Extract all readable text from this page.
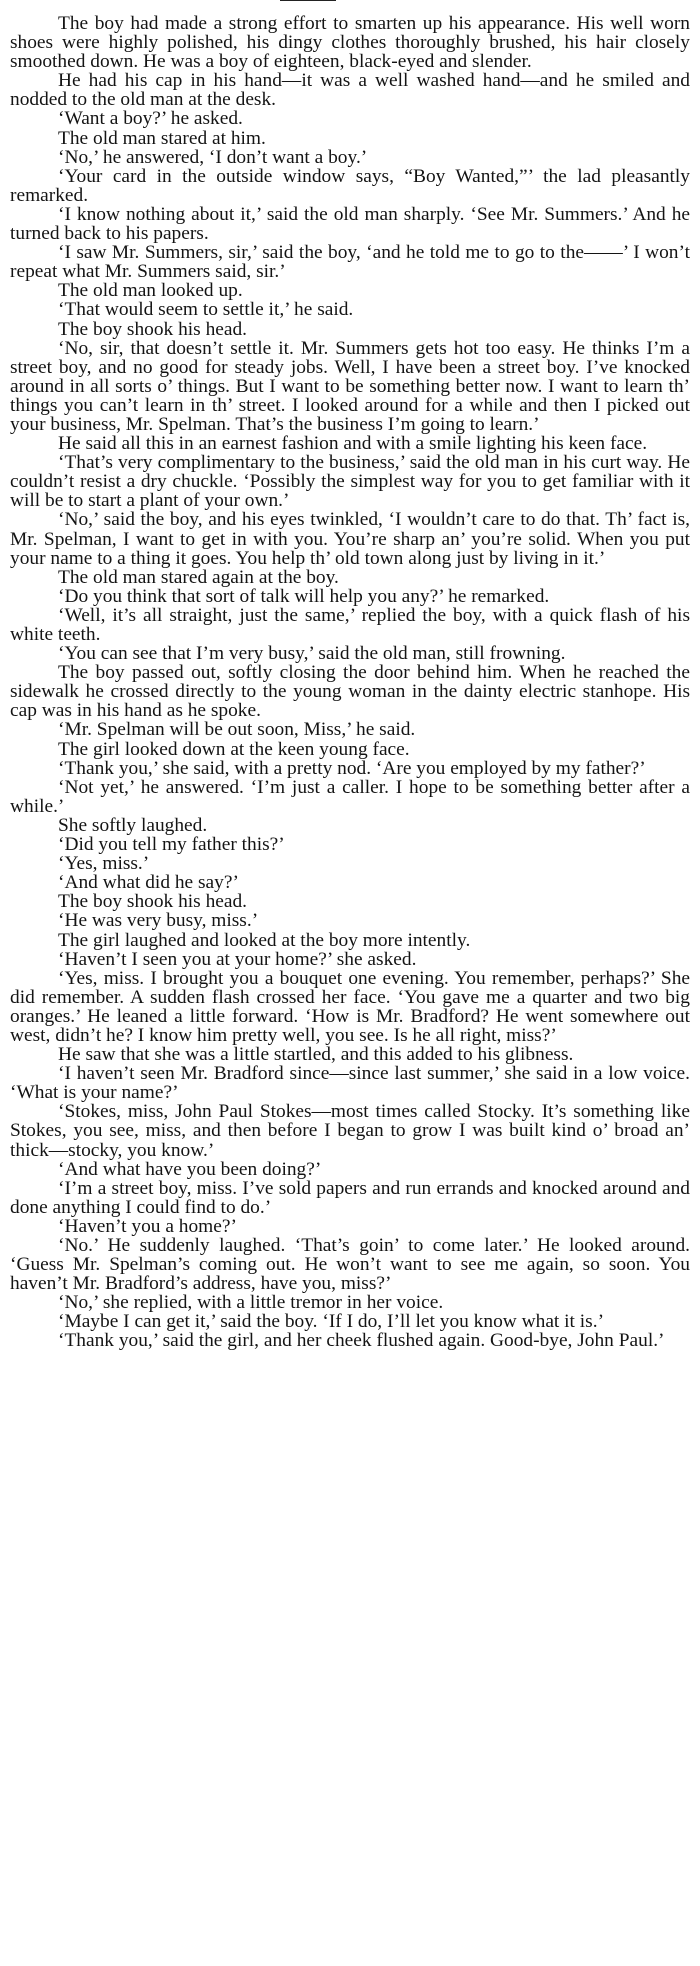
The boy had made a strong effort to smarten up his appearance. His well worn shoes were highly polished, his dingy clothes thoroughly brushed, his hair closely smoothed down. He was a boy of eighteen, black-eyed and slender.

He had his cap in his hand—it was a well washed hand—and he smiled and nodded to the old man at the desk.

‘Want a boy?’ he asked.

The old man stared at him.

‘No,’ he answered, ‘I don’t want a boy.’

‘Your card in the outside window says, “Boy Wanted,”’ the lad pleasantly remarked.

‘I know nothing about it,’ said the old man sharply. ‘See Mr. Summers.’ And he turned back to his papers.

‘I saw Mr. Summers, sir,’ said the boy, ‘and he told me to go to the——’ I won’t repeat what Mr. Summers said, sir.’

The old man looked up.

‘That would seem to settle it,’ he said.

The boy shook his head.

‘No, sir, that doesn’t settle it. Mr. Summers gets hot too easy. He thinks I’m a street boy, and no good for steady jobs. Well, I have been a street boy. I’ve knocked around in all sorts o’ things. But I want to be something better now. I want to learn th’ things you can’t learn in th’ street. I looked around for a while and then I picked out your business, Mr. Spelman. That’s the business I’m going to learn.’

He said all this in an earnest fashion and with a smile lighting his keen face.

‘That’s very complimentary to the business,’ said the old man in his curt way. He couldn’t resist a dry chuckle. ‘Possibly the simplest way for you to get familiar with it will be to start a plant of your own.’

‘No,’ said the boy, and his eyes twinkled, ‘I wouldn’t care to do that. Th’ fact is, Mr. Spelman, I want to get in with you. You’re sharp an’ you’re solid. When you put your name to a thing it goes. You help th’ old town along just by living in it.’

The old man stared again at the boy.

‘Do you think that sort of talk will help you any?’ he remarked.

‘Well, it’s all straight, just the same,’ replied the boy, with a quick flash of his white teeth.

‘You can see that I’m very busy,’ said the old man, still frowning.

The boy passed out, softly closing the door behind him. When he reached the sidewalk he crossed directly to the young woman in the dainty electric stanhope. His cap was in his hand as he spoke.

‘Mr. Spelman will be out soon, Miss,’ he said.

The girl looked down at the keen young face.

‘Thank you,’ she said, with a pretty nod. ‘Are you employed by my father?’

‘Not yet,’ he answered. ‘I’m just a caller. I hope to be something better after a while.’

She softly laughed.

‘Did you tell my father this?’

‘Yes, miss.’

‘And what did he say?’

The boy shook his head.

‘He was very busy, miss.’

The girl laughed and looked at the boy more intently.

‘Haven’t I seen you at your home?’ she asked.

‘Yes, miss. I brought you a bouquet one evening. You remember, perhaps?’ She did remember. A sudden flash crossed her face. ‘You gave me a quarter and two big oranges.’ He leaned a little forward. ‘How is Mr. Bradford? He went somewhere out west, didn’t he? I know him pretty well, you see. Is he all right, miss?’

He saw that she was a little startled, and this added to his glibness.

‘I haven’t seen Mr. Bradford since—since last summer,’ she said in a low voice. ‘What is your name?’

‘Stokes, miss, John Paul Stokes—most times called Stocky. It’s something like Stokes, you see, miss, and then before I began to grow I was built kind o’ broad an’ thick—stocky, you know.’

‘And what have you been doing?’

‘I’m a street boy, miss. I’ve sold papers and run errands and knocked around and done anything I could find to do.’

‘Haven’t you a home?’

‘No.’ He suddenly laughed. ‘That’s goin’ to come later.’ He looked around. ‘Guess Mr. Spelman’s coming out. He won’t want to see me again, so soon. You haven’t Mr. Bradford’s address, have you, miss?’

‘No,’ she replied, with a little tremor in her voice.

‘Maybe I can get it,’ said the boy. ‘If I do, I’ll let you know what it is.’

‘Thank you,’ said the girl, and her cheek flushed again. Good-bye, John Paul.’
